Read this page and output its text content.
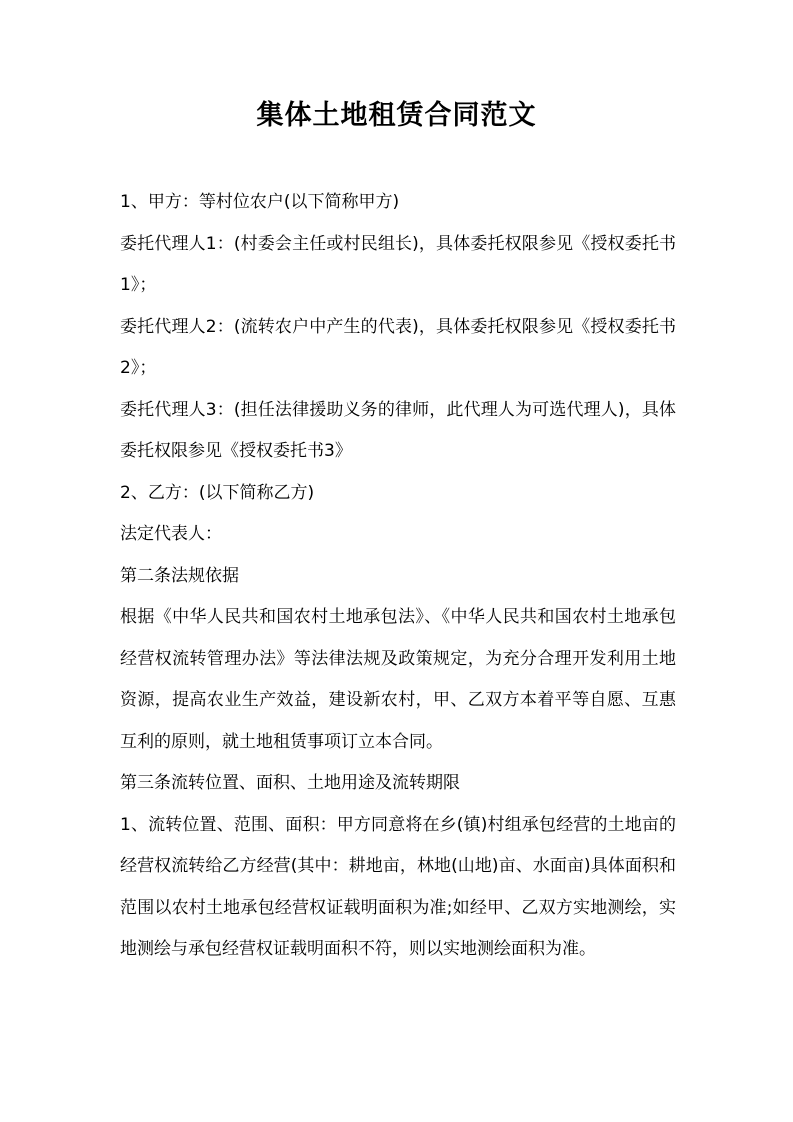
集体土地租赁合同范文

1、甲方：等村位农户(以下简称甲方)

委托代理人1：(村委会主任或村民组长)，具体委托权限参见《授权委托书1》；

委托代理人2：(流转农户中产生的代表)，具体委托权限参见《授权委托书2》；

委托代理人3：(担任法律援助义务的律师，此代理人为可选代理人)，具体委托权限参见《授权委托书3》

2、乙方：(以下简称乙方)

法定代表人：

第二条法规依据

根据《中华人民共和国农村土地承包法》、《中华人民共和国农村土地承包经营权流转管理办法》等法律法规及政策规定，为充分合理开发利用土地资源，提高农业生产效益，建设新农村，甲、乙双方本着平等自愿、互惠互利的原则，就土地租赁事项订立本合同。

第三条流转位置、面积、土地用途及流转期限

1、流转位置、范围、面积：甲方同意将在乡(镇)村组承包经营的土地亩的经营权流转给乙方经营(其中：耕地亩，林地(山地)亩、水面亩)具体面积和范围以农村土地承包经营权证载明面积为准;如经甲、乙双方实地测绘，实地测绘与承包经营权证载明面积不符，则以实地测绘面积为准。
